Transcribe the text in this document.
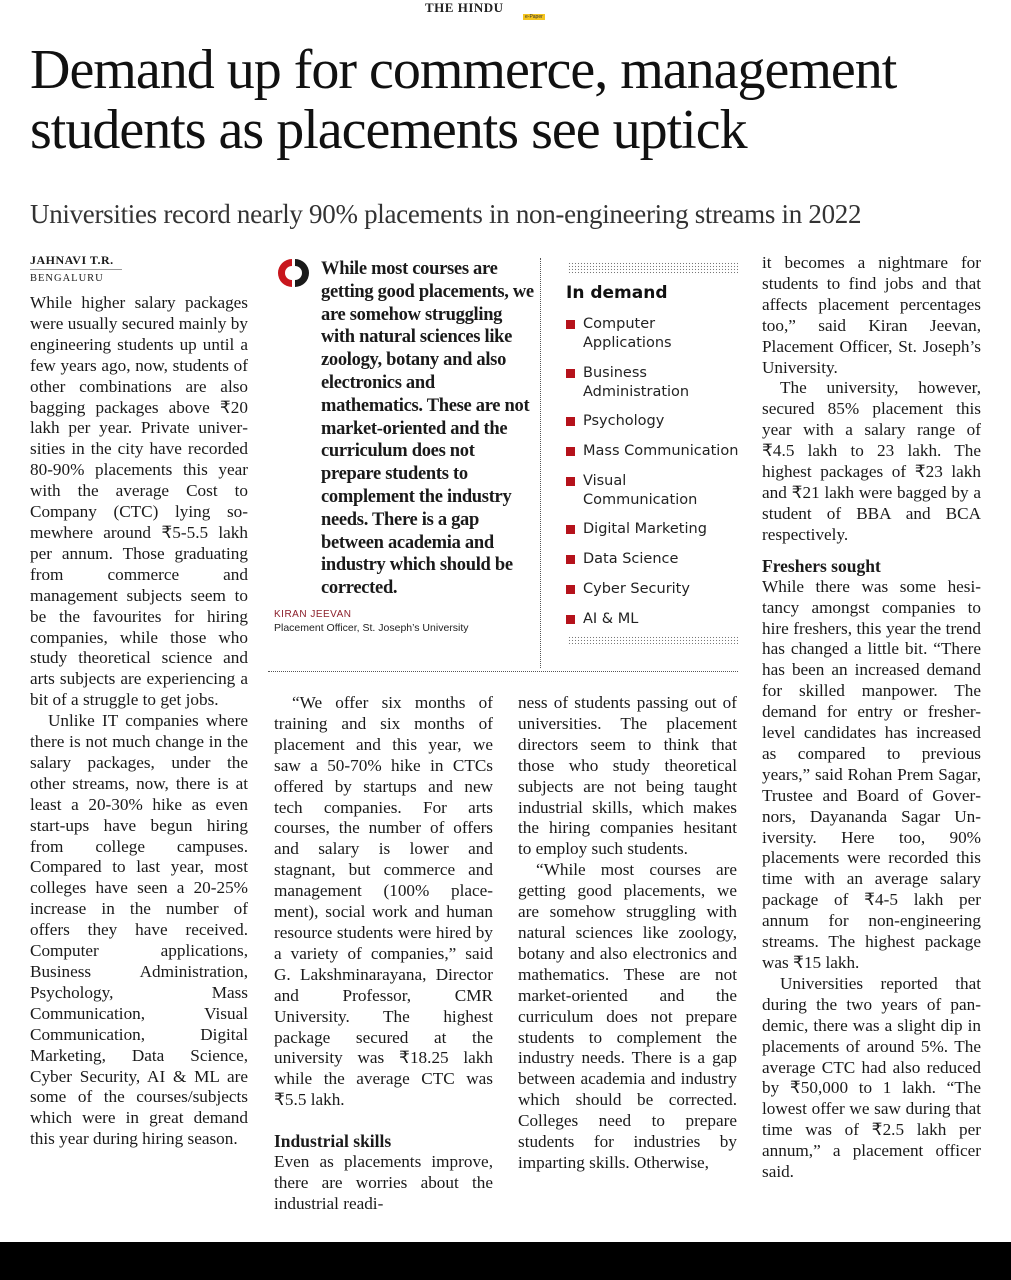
THE HINDU
e-Paper
Demand up for commerce, management students as placements see uptick
Universities record nearly 90% placements in non-engineering streams in 2022
JAHNAVI T.R.
BENGALURU

While higher salary packages were usually secured mainly by engineering students up until a few years ago, now, students of other combinations are also bagging packages above ₹20 lakh per year. Private universities in the city have recorded 80-90% placements this year with the average Cost to Company (CTC) lying somewhere around ₹5-5.5 lakh per annum. Those graduating from commerce and management subjects seem to be the favourites for hiring companies, while those who study theoretical science and arts subjects are experiencing a bit of a struggle to get jobs.

Unlike IT companies where there is not much change in the salary packages, under the other streams, now, there is at least a 20-30% hike as even start-ups have begun hiring from college campuses. Compared to last year, most colleges have seen a 20-25% increase in the number of offers they have received. Computer applications, Business Administration, Psychology, Mass Communication, Visual Communication, Digital Marketing, Data Science, Cyber Security, AI & ML are some of the courses/subjects which were in great demand this year during hiring season.

While most courses are getting good placements, we are somehow struggling with natural sciences like zoology, botany and also electronics and mathematics. These are not market-oriented and the curriculum does not prepare students to complement the industry needs. There is a gap between academia and industry which should be corrected.
KIRAN JEEVAN
Placement Officer, St. Joseph’s University
In demand
Computer Applications
Business Administration
Psychology
Mass Communication
Visual Communication
Digital Marketing
Data Science
Cyber Security
AI & ML

“We offer six months of training and six months of placement and this year, we saw a 50-70% hike in CTCs offered by startups and new tech companies. For arts courses, the number of offers and salary is lower and stagnant, but commerce and management (100% placement), social work and human resource students were hired by a variety of companies,” said G. Lakshminarayana, Director and Professor, CMR University. The highest package secured at the university was ₹18.25 lakh while the average CTC was ₹5.5 lakh.

Industrial skills

Even as placements improve, there are worries about the industrial readi-

ness of students passing out of universities. The placement directors seem to think that those who study theoretical subjects are not being taught industrial skills, which makes the hiring companies hesitant to employ such students.

“While most courses are getting good placements, we are somehow struggling with natural sciences like zoology, botany and also electronics and mathematics. These are not market-oriented and the curriculum does not prepare students to complement the industry needs. There is a gap between academia and industry which should be corrected. Colleges need to prepare students for industries by imparting skills. Otherwise,

it becomes a nightmare for students to find jobs and that affects placement percentages too,” said Kiran Jeevan, Placement Officer, St. Joseph’s University.

The university, however, secured 85% placement this year with a salary range of ₹4.5 lakh to 23 lakh. The highest packages of ₹23 lakh and ₹21 lakh were bagged by a student of BBA and BCA respectively.

Freshers sought

While there was some hesitancy amongst companies to hire freshers, this year the trend has changed a little bit. “There has been an increased demand for skilled manpower. The demand for entry or fresher-level candidates has increased as compared to previous years,” said Rohan Prem Sagar, Trustee and Board of Governors, Dayananda Sagar University. Here too, 90% placements were recorded this time with an average salary package of ₹4-5 lakh per annum for non-engineering streams. The highest package was ₹15 lakh.

Universities reported that during the two years of pandemic, there was a slight dip in placements of around 5%. The average CTC had also reduced by ₹50,000 to 1 lakh. “The lowest offer we saw during that time was of ₹2.5 lakh per annum,” a placement officer said.
